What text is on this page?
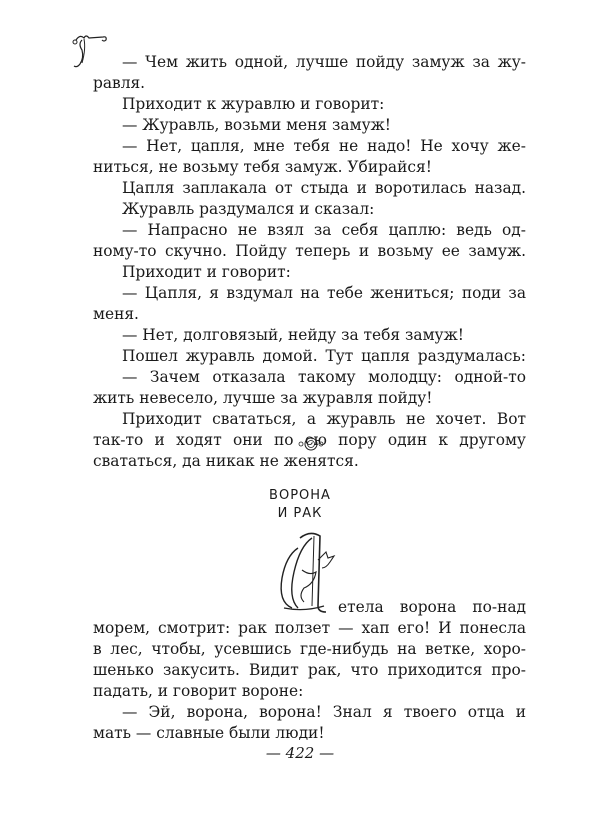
— Чем жить одной, лучше пойду замуж за жу-
равля.
Приходит к журавлю и говорит:
— Журавль, возьми меня замуж!
— Нет, цапля, мне тебя не надо! Не хочу же-
ниться, не возьму тебя замуж. Убирайся!
Цапля заплакала от стыда и воротилась назад.
Журавль раздумался и сказал:
— Напрасно не взял за себя цаплю: ведь од-
ному-то скучно. Пойду теперь и возьму ее замуж.
Приходит и говорит:
— Цапля, я вздумал на тебе жениться; поди за
меня.
— Нет, долговязый, нейду за тебя замуж!
Пошел журавль домой. Тут цапля раздумалась:
— Зачем отказала такому молодцу: одной-то
жить невесело, лучше за журавля пойду!
Приходит свататься, а журавль не хочет. Вот
так-то и ходят они по сю пору один к другому
свататься, да никак не женятся.
ВОРОНА
И РАК
етела ворона по-над
морем, смотрит: рак ползет — хап его! И понесла
в лес, чтобы, усевшись где-нибудь на ветке, хоро-
шенько закусить. Видит рак, что приходится про-
падать, и говорит вороне:
— Эй, ворона, ворона! Знал я твоего отца и
мать — славные были люди!
— 422 —
